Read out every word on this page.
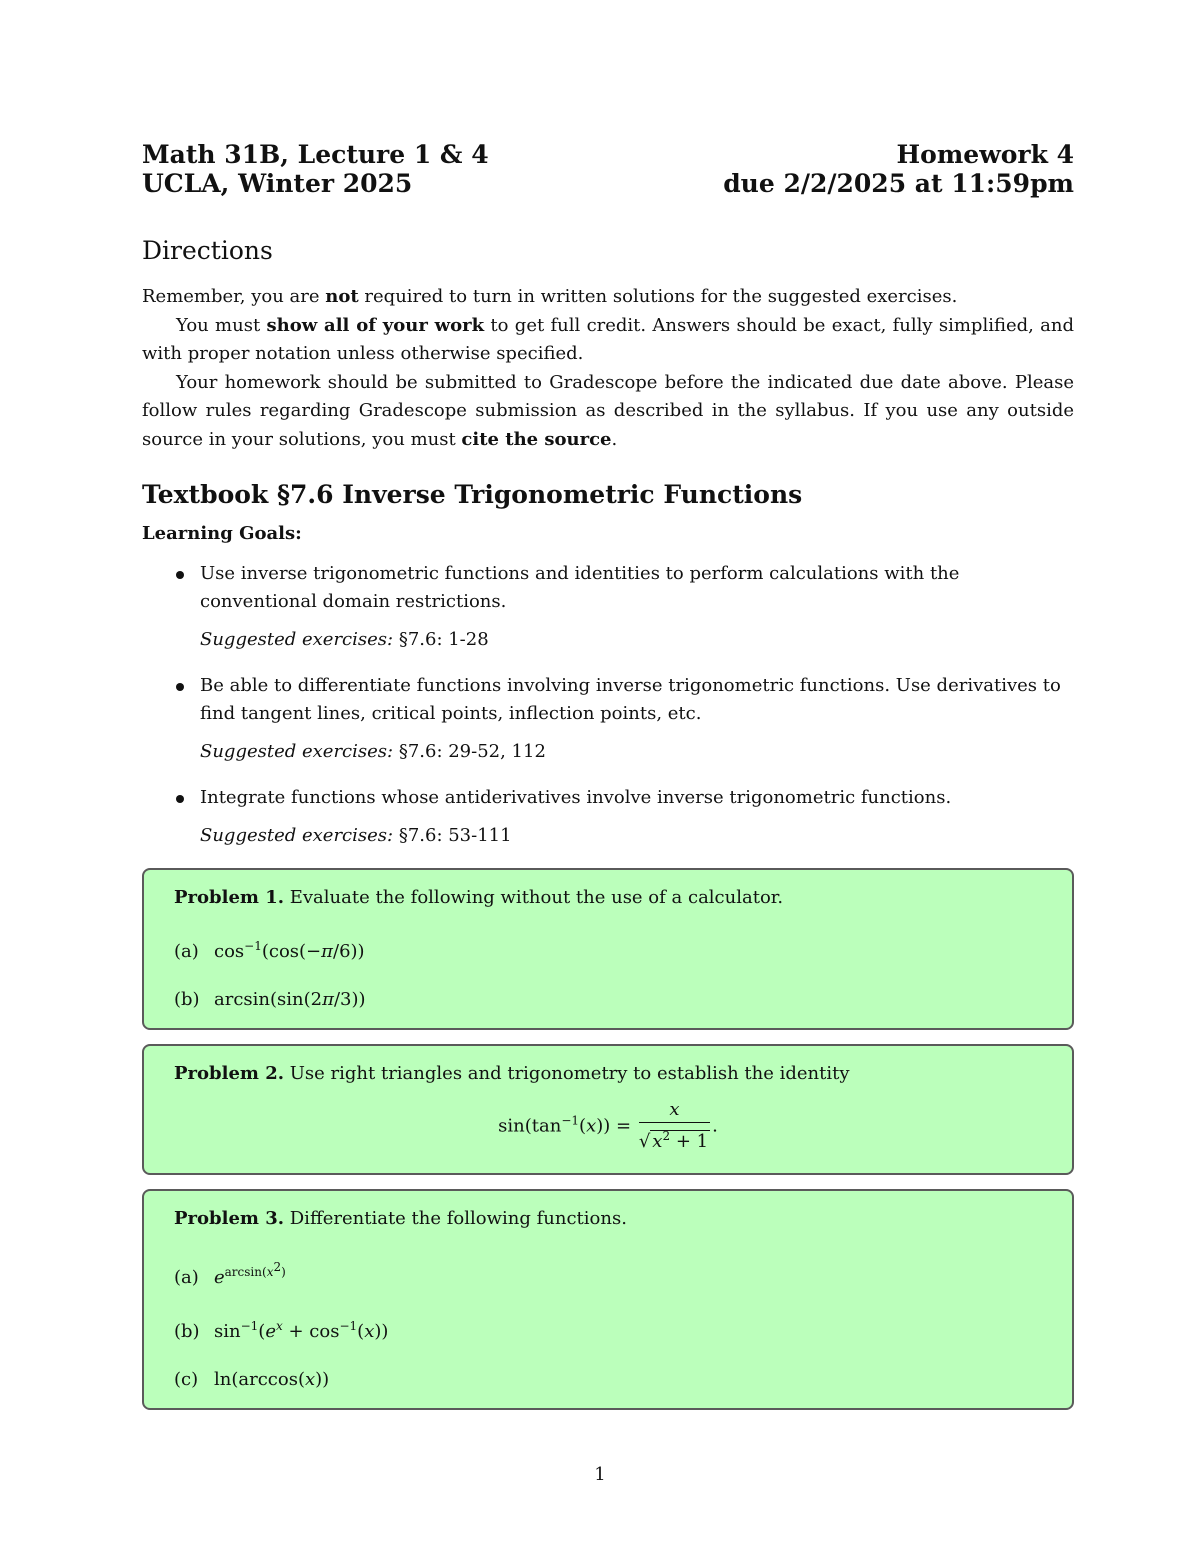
Math 31B, Lecture 1 & 4
UCLA, Winter 2025
Homework 4
due 2/2/2025 at 11:59pm
Directions

Remember, you are not required to turn in written solutions for the suggested exercises.

You must show all of your work to get full credit. Answers should be exact, fully simplified, and with proper notation unless otherwise specified.

Your homework should be submitted to Gradescope before the indicated due date above. Please follow rules regarding Gradescope submission as described in the syllabus. If you use any outside source in your solutions, you must cite the source.

Textbook §7.6 Inverse Trigonometric Functions
Learning Goals:
Use inverse trigonometric functions and identities to perform calculations with the conventional domain restrictions.
Suggested exercises: §7.6: 1-28
Be able to differentiate functions involving inverse trigonometric functions. Use derivatives to find tangent lines, critical points, inflection points, etc.
Suggested exercises: §7.6: 29-52, 112
Integrate functions whose antiderivatives involve inverse trigonometric functions.
Suggested exercises: §7.6: 53-111
Problem 1. Evaluate the following without the use of a calculator.
(a) $\cos^{-1}(\cos(-\pi/6))$
(b) arcsin(sin(2π/3))
Problem 2. Use right triangles and trigonometry to establish the identity
$\sin(\tan^{-1}(x)) = \frac{x}{√ x^2 + 1}$ .
Problem 3. Differentiate the following functions.
(a) $e^{arcsin(x^2)}$
(b) $\sin^{-1}(e^x + \cos^{-1}(x))$
(c) ln(arccos(x))
1
